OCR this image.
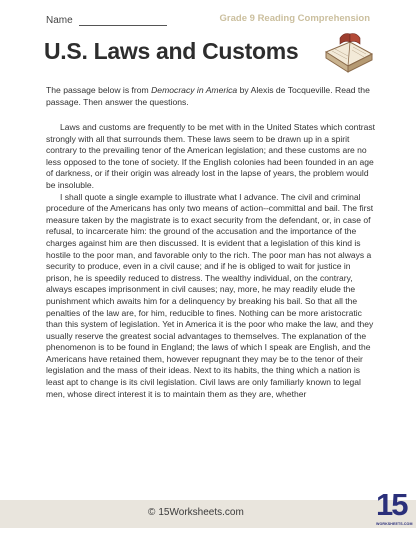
Name	Grade 9 Reading Comprehension
U.S. Laws and Customs
The passage below is from Democracy in America by Alexis de Tocqueville. Read the passage. Then answer the questions.

Laws and customs are frequently to be met with in the United States which contrast strongly with all that surrounds them. These laws seem to be drawn up in a spirit contrary to the prevailing tenor of the American legislation; and these customs are no less opposed to the tone of society. If the English colonies had been founded in an age of darkness, or if their origin was already lost in the lapse of years, the problem would be insoluble.

I shall quote a single example to illustrate what I advance. The civil and criminal procedure of the Americans has only two means of action--committal and bail. The first measure taken by the magistrate is to exact security from the defendant, or, in case of refusal, to incarcerate him: the ground of the accusation and the importance of the charges against him are then discussed. It is evident that a legislation of this kind is hostile to the poor man, and favorable only to the rich. The poor man has not always a security to produce, even in a civil cause; and if he is obliged to wait for justice in prison, he is speedily reduced to distress. The wealthy individual, on the contrary, always escapes imprisonment in civil causes; nay, more, he may readily elude the punishment which awaits him for a delinquency by breaking his bail. So that all the penalties of the law are, for him, reducible to fines. Nothing can be more aristocratic than this system of legislation. Yet in America it is the poor who make the law, and they usually reserve the greatest social advantages to themselves. The explanation of the phenomenon is to be found in England; the laws of which I speak are English, and the Americans have retained them, however repugnant they may be to the tenor of their legislation and the mass of their ideas. Next to its habits, the thing which a nation is least apt to change is its civil legislation. Civil laws are only familiarly known to legal men, whose direct interest it is to maintain them as they are, whether

© 15Worksheets.com	15
WORKSHEETS.COM
